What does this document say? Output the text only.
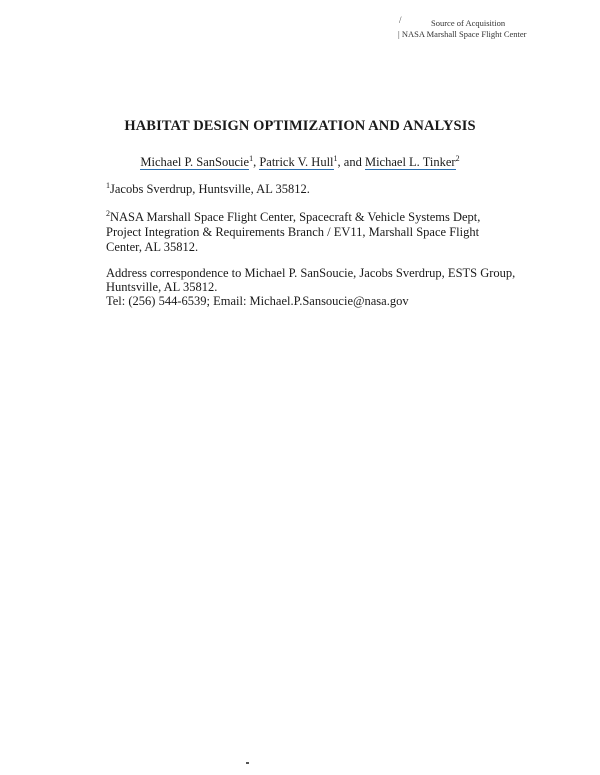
/	Source of Acquisition
| NASA Marshall Space Flight Center
HABITAT DESIGN OPTIMIZATION AND ANALYSIS
Michael P. SanSoucie$^1$, Patrick V. Hull$^1$, and Michael L. Tinker$^2$
$^1$Jacobs Sverdrup, Huntsville, AL 35812.
$^2$NASA Marshall Space Flight Center, Spacecraft & Vehicle Systems Dept, Project Integration & Requirements Branch / EV11, Marshall Space Flight Center, AL 35812.
Address correspondence to Michael P. SanSoucie, Jacobs Sverdrup, ESTS Group, Huntsville, AL 35812.
Tel: (256) 544-6539; Email: Michael.P.Sansoucie@nasa.gov
